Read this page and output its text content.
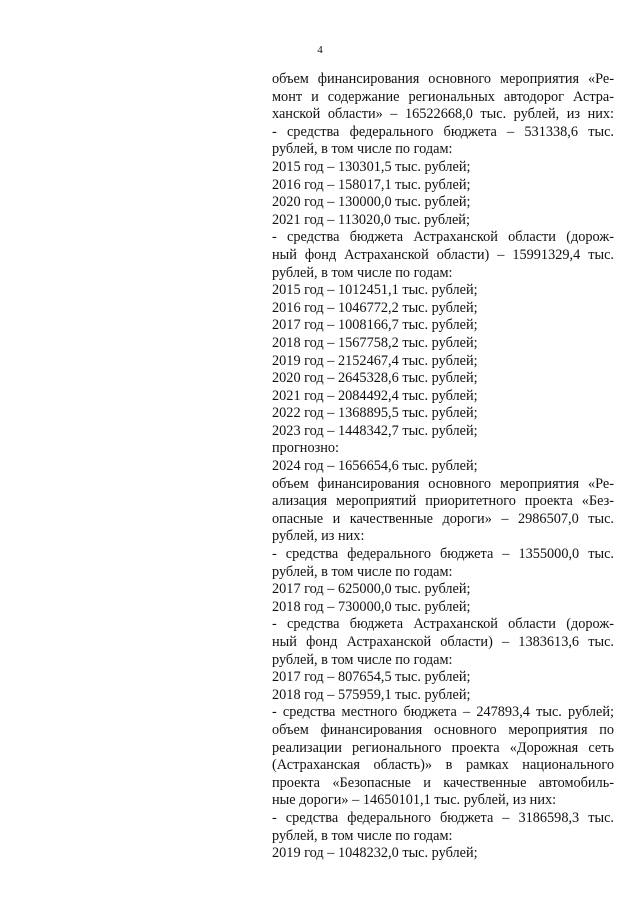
4
объем финансирования основного мероприятия «Ре-
монт и содержание региональных автодорог Астра-
ханской области» – 16522668,0 тыс. рублей, из них:
- средства федерального бюджета – 531338,6 тыс.
рублей, в том числе по годам:
2015 год – 130301,5 тыс. рублей;
2016 год – 158017,1 тыс. рублей;
2020 год – 130000,0 тыс. рублей;
2021 год – 113020,0 тыс. рублей;
- средства бюджета Астраханской области (дорож-
ный фонд Астраханской области) – 15991329,4 тыс.
рублей, в том числе по годам:
2015 год – 1012451,1 тыс. рублей;
2016 год – 1046772,2 тыс. рублей;
2017 год – 1008166,7 тыс. рублей;
2018 год – 1567758,2 тыс. рублей;
2019 год – 2152467,4 тыс. рублей;
2020 год – 2645328,6 тыс. рублей;
2021 год – 2084492,4 тыс. рублей;
2022 год – 1368895,5 тыс. рублей;
2023 год – 1448342,7 тыс. рублей;
прогнозно:
2024 год – 1656654,6 тыс. рублей;
объем финансирования основного мероприятия «Ре-
ализация мероприятий приоритетного проекта «Без-
опасные и качественные дороги» – 2986507,0 тыс.
рублей, из них:
- средства федерального бюджета – 1355000,0 тыс.
рублей, в том числе по годам:
2017 год – 625000,0 тыс. рублей;
2018 год – 730000,0 тыс. рублей;
- средства бюджета Астраханской области (дорож-
ный фонд Астраханской области) – 1383613,6 тыс.
рублей, в том числе по годам:
2017 год – 807654,5 тыс. рублей;
2018 год – 575959,1 тыс. рублей;
- средства местного бюджета – 247893,4 тыс. рублей;
объем финансирования основного мероприятия по
реализации регионального проекта «Дорожная сеть
(Астраханская область)» в рамках национального
проекта «Безопасные и качественные автомобиль-
ные дороги» – 14650101,1 тыс. рублей, из них:
- средства федерального бюджета – 3186598,3 тыс.
рублей, в том числе по годам:
2019 год – 1048232,0 тыс. рублей;
